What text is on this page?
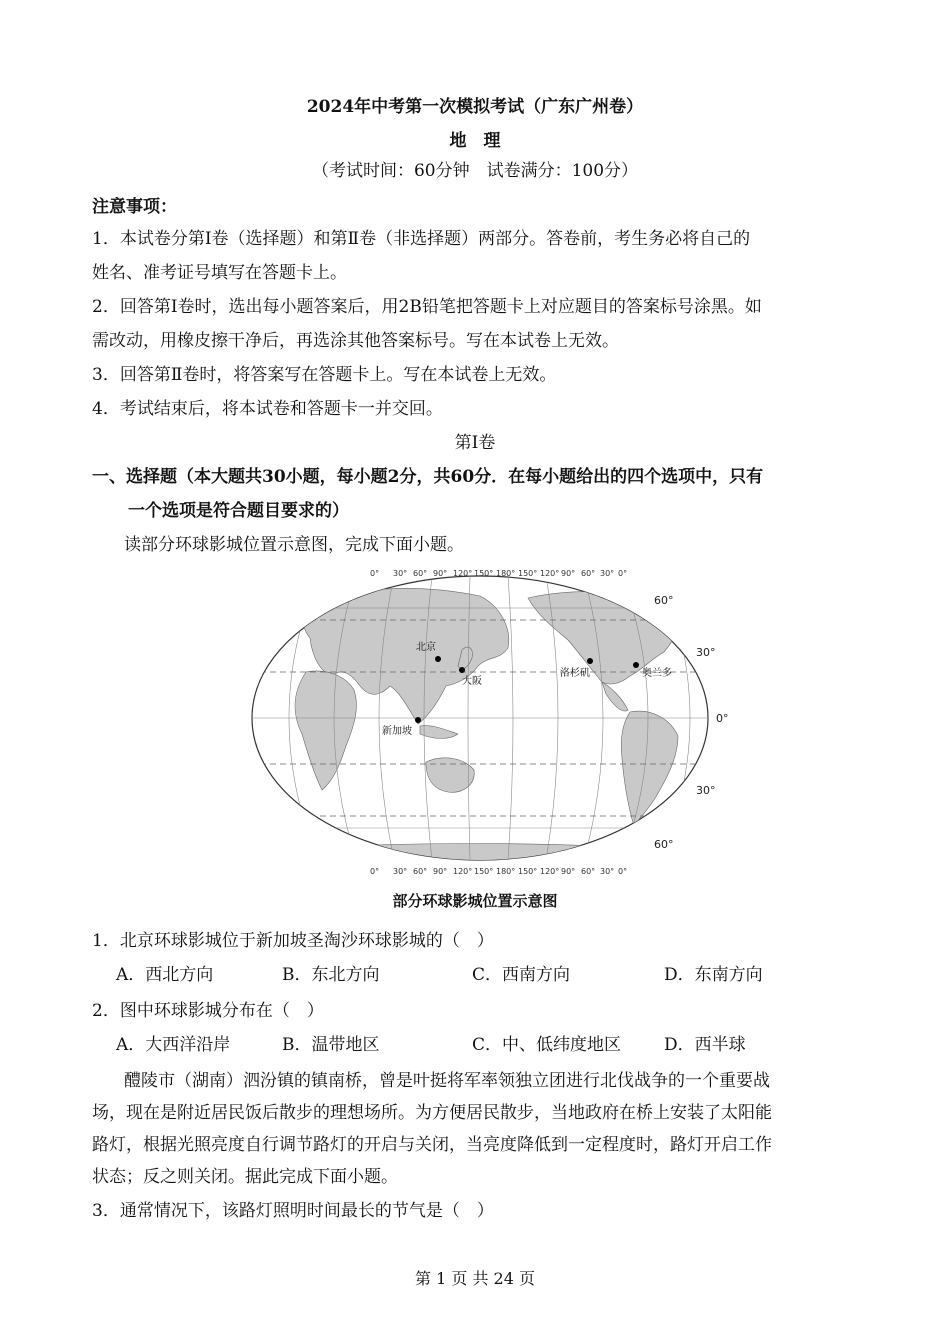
2024年中考第一次模拟考试（广东广州卷）
地　理
（考试时间：60分钟　试卷满分：100分）
注意事项：
1．本试卷分第Ⅰ卷（选择题）和第Ⅱ卷（非选择题）两部分。答卷前，考生务必将自己的
姓名、准考证号填写在答题卡上。
2．回答第Ⅰ卷时，选出每小题答案后，用2B铅笔把答题卡上对应题目的答案标号涂黑。如
需改动，用橡皮擦干净后，再选涂其他答案标号。写在本试卷上无效。
3．回答第Ⅱ卷时，将答案写在答题卡上。写在本试卷上无效。
4．考试结束后，将本试卷和答题卡一并交回。
第Ⅰ卷
一、选择题（本大题共30小题，每小题2分，共60分．在每小题给出的四个选项中，只有
一个选项是符合题目要求的）
读部分环球影城位置示意图，完成下面小题。
0° 30° 60° 90° 120° 150° 180° 150° 120° 90° 60° 30° 0°
0° 30° 60° 90° 120° 150° 180° 150° 120° 90° 60° 30° 0°
60°
30°
0°
30°
60°
北京
大阪
新加坡
洛杉矶	奥兰多
部分环球影城位置示意图
1．北京环球影城位于新加坡圣淘沙环球影城的（　）
A．西北方向	B．东北方向	C．西南方向	D．东南方向
2．图中环球影城分布在（　）
A．大西洋沿岸	B．温带地区	C．中、低纬度地区	D．西半球
醴陵市（湖南）泗汾镇的镇南桥，曾是叶挺将军率领独立团进行北伐战争的一个重要战
场，现在是附近居民饭后散步的理想场所。为方便居民散步，当地政府在桥上安装了太阳能
路灯，根据光照亮度自行调节路灯的开启与关闭，当亮度降低到一定程度时，路灯开启工作
状态；反之则关闭。据此完成下面小题。
3．通常情况下，该路灯照明时间最长的节气是（　）
第 1 页 共 24 页
